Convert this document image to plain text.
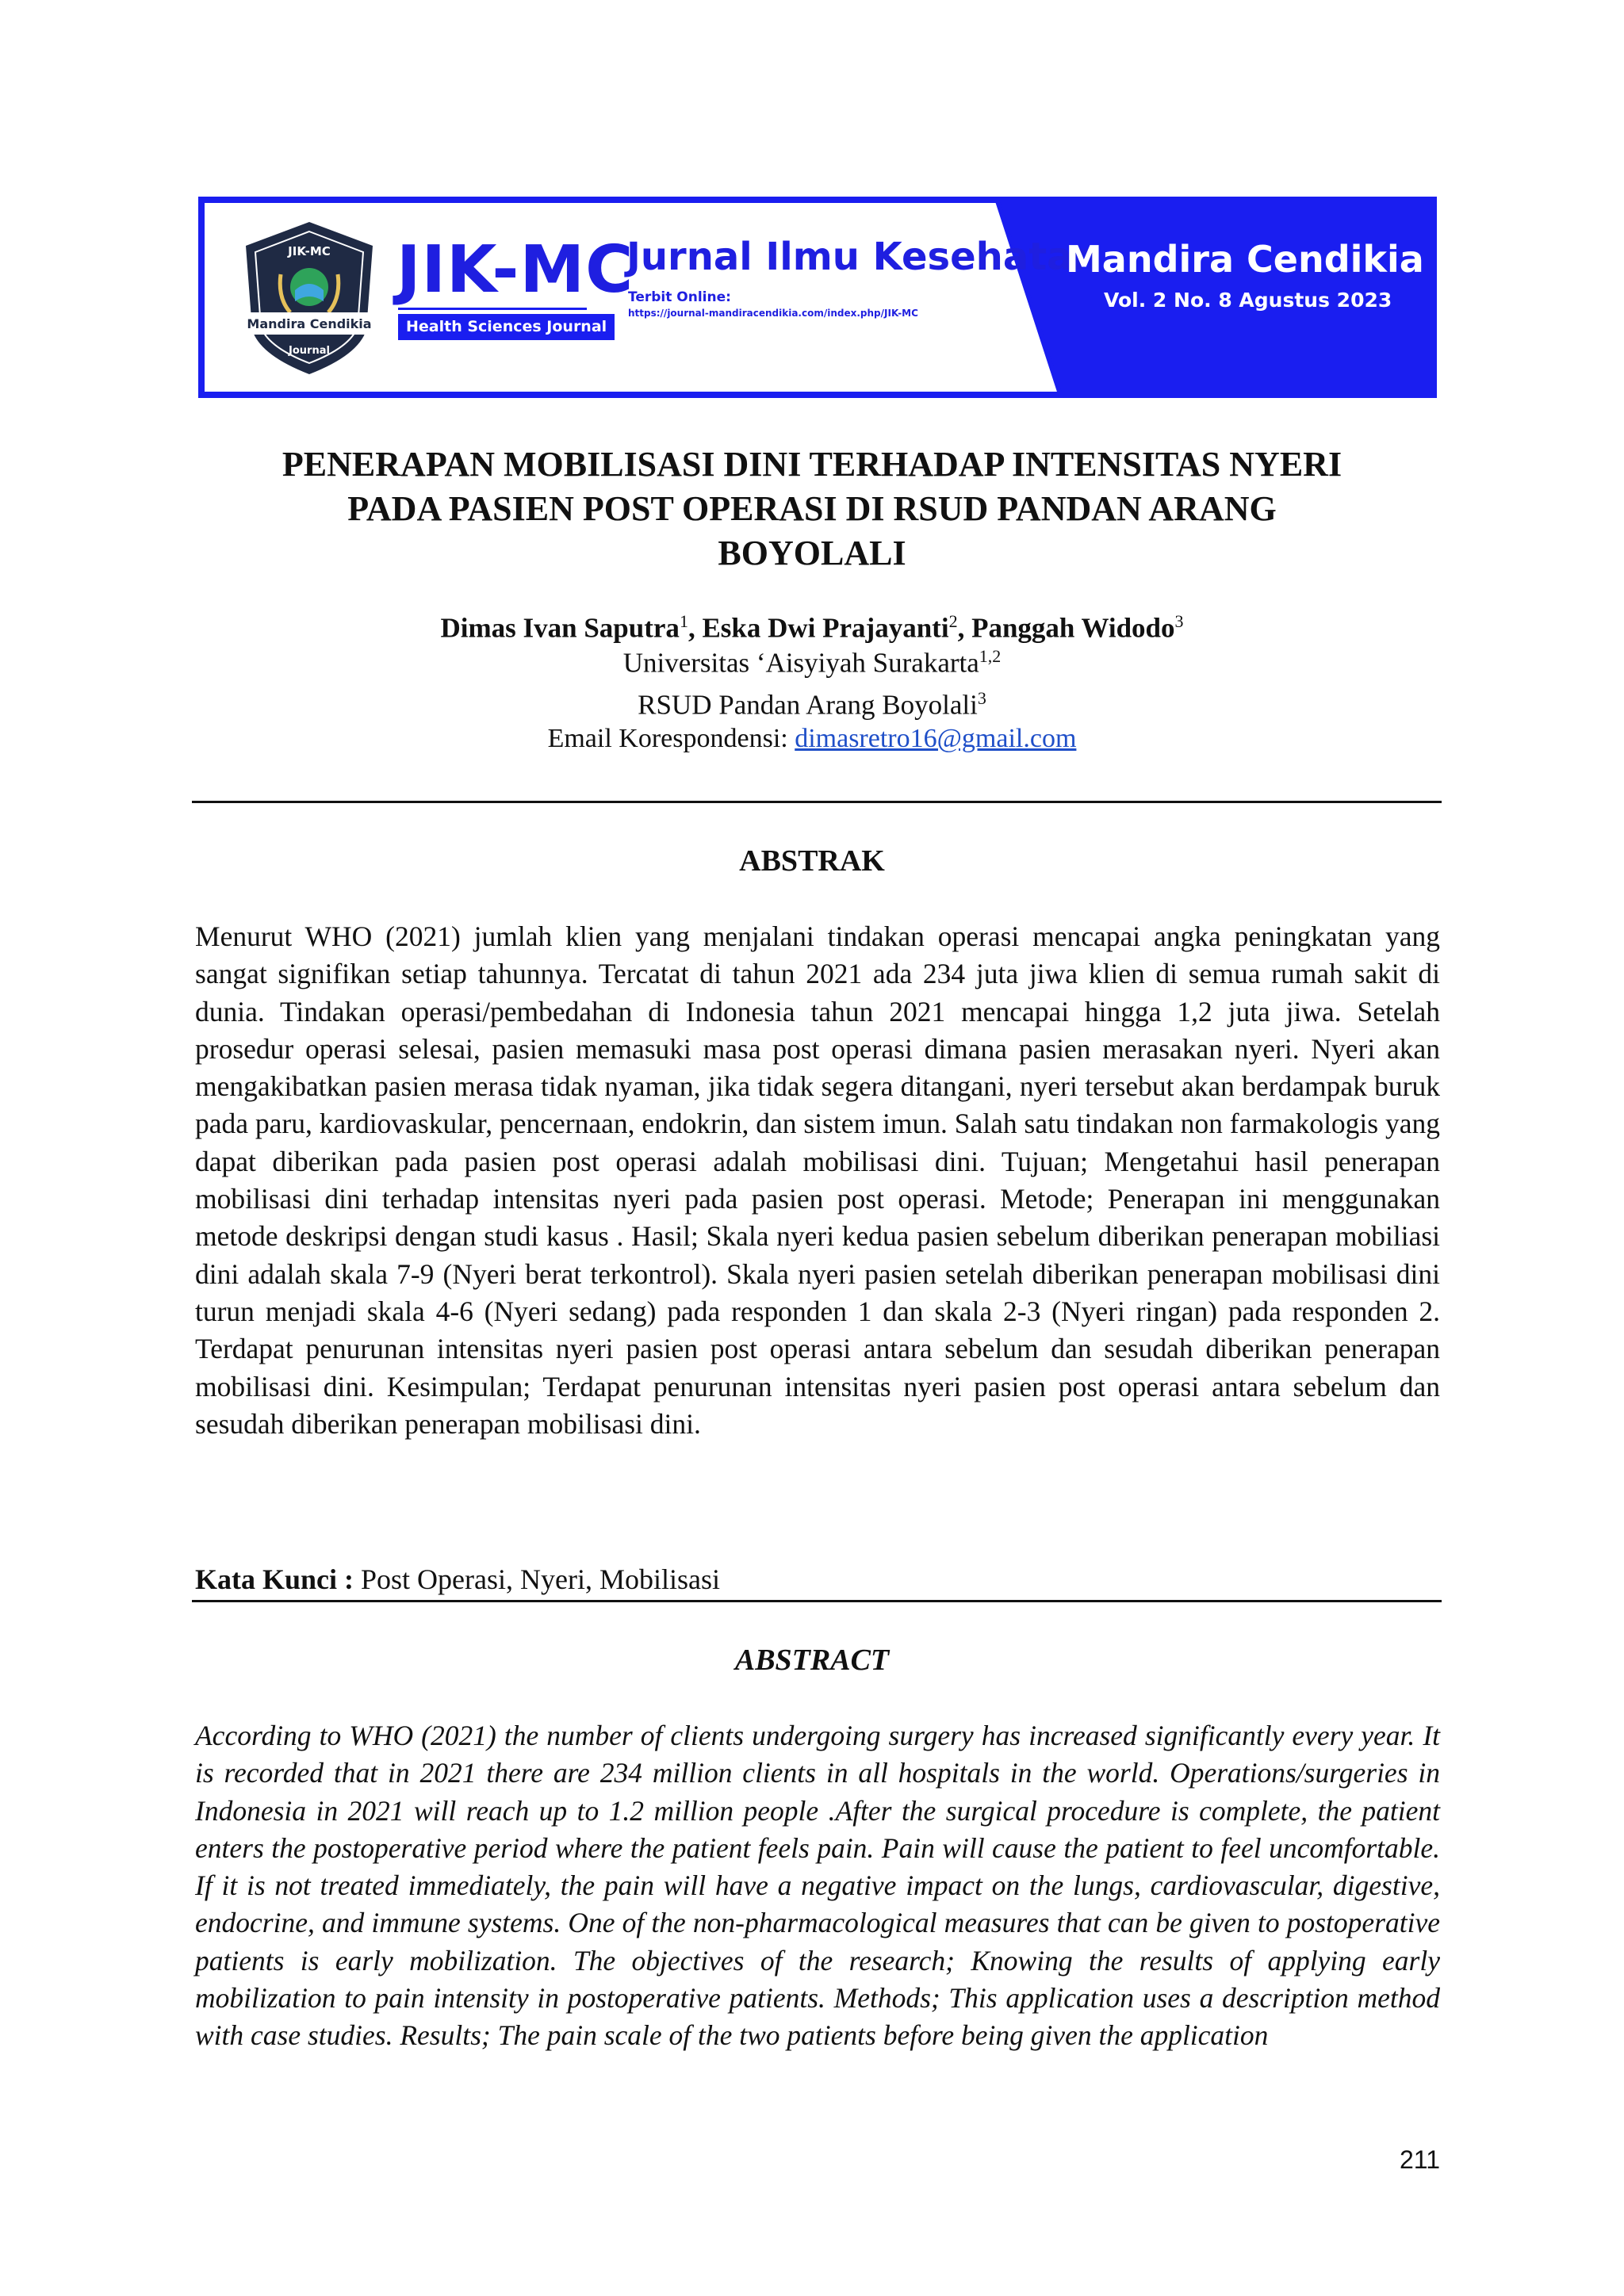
JIK-MC
Mandira Cendikia
Journal
JIK-MC
Health Sciences Journal
Jurnal Ilmu Kesehatan
Terbit Online:
https://journal-mandiracendikia.com/index.php/JIK-MC
Mandira Cendikia
Vol. 2 No. 8 Agustus 2023
PENERAPAN MOBILISASI DINI TERHADAP INTENSITAS NYERI
PADA PASIEN POST OPERASI DI RSUD PANDAN ARANG
BOYOLALI
Dimas Ivan Saputra$^1$, Eska Dwi Prajayanti$^2$, Panggah Widodo$^3$
Universitas ‘Aisyiyah Surakarta$^{1,2}$
RSUD Pandan Arang Boyolali$^3$
Email Korespondensi: dimasretro16@gmail.com
ABSTRAK
Menurut WHO (2021) jumlah klien yang menjalani tindakan operasi mencapai angka peningkatan yang sangat signifikan setiap tahunnya. Tercatat di tahun 2021 ada 234 juta jiwa klien di semua rumah sakit di dunia. Tindakan operasi/pembedahan di Indonesia tahun 2021 mencapai hingga 1,2 juta jiwa. Setelah prosedur operasi selesai, pasien memasuki masa post operasi dimana pasien merasakan nyeri. Nyeri akan mengakibatkan pasien merasa tidak nyaman, jika tidak segera ditangani, nyeri tersebut akan berdampak buruk pada paru, kardiovaskular, pencernaan, endokrin, dan sistem imun. Salah satu tindakan non farmakologis yang dapat diberikan pada pasien post operasi adalah mobilisasi dini. Tujuan; Mengetahui hasil penerapan mobilisasi dini terhadap intensitas nyeri pada pasien post operasi. Metode; Penerapan ini menggunakan metode deskripsi dengan studi kasus . Hasil; Skala nyeri kedua pasien sebelum diberikan penerapan mobiliasi dini adalah skala 7-9 (Nyeri berat terkontrol). Skala nyeri pasien setelah diberikan penerapan mobilisasi dini turun menjadi skala 4-6 (Nyeri sedang) pada responden 1 dan skala 2-3 (Nyeri ringan) pada responden 2. Terdapat penurunan intensitas nyeri pasien post operasi antara sebelum dan sesudah diberikan penerapan mobilisasi dini. Kesimpulan; Terdapat penurunan intensitas nyeri pasien post operasi antara sebelum dan sesudah diberikan penerapan mobilisasi dini.
Kata Kunci : Post Operasi, Nyeri, Mobilisasi
ABSTRACT
According to WHO (2021) the number of clients undergoing surgery has increased significantly every year. It is recorded that in 2021 there are 234 million clients in all hospitals in the world. Operations/surgeries in Indonesia in 2021 will reach up to 1.2 million people .After the surgical procedure is complete, the patient enters the postoperative period where the patient feels pain. Pain will cause the patient to feel uncomfortable. If it is not treated immediately, the pain will have a negative impact on the lungs, cardiovascular, digestive, endocrine, and immune systems. One of the non-pharmacological measures that can be given to postoperative patients is early mobilization. The objectives of the research; Knowing the results of applying early mobilization to pain intensity in postoperative patients. Methods; This application uses a description method with case studies. Results; The pain scale of the two patients before being given the application
211
